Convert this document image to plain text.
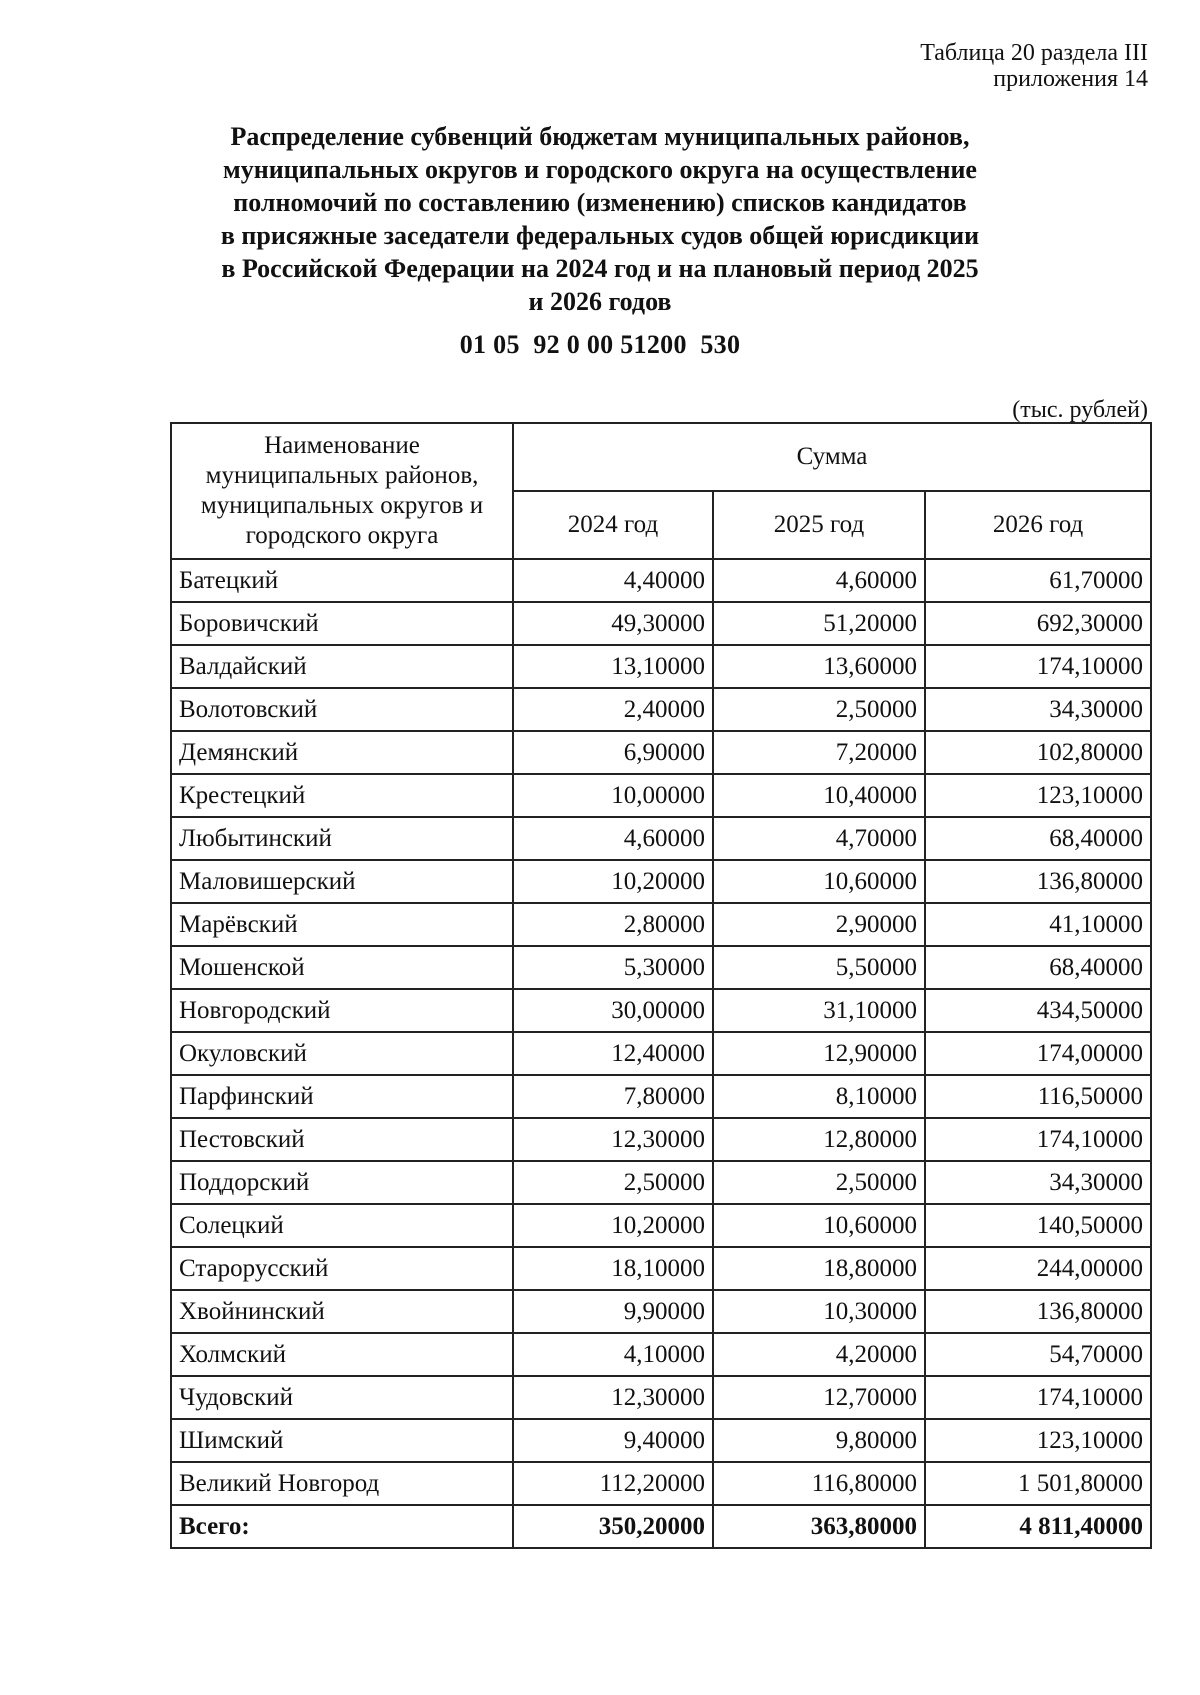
Таблица 20 раздела III
приложения 14
Распределение субвенций бюджетам муниципальных районов,
муниципальных округов и городского округа на осуществление
полномочий по составлению (изменению) списков кандидатов
в присяжные заседатели федеральных судов общей юрисдикции
в Российской Федерации на 2024 год и на плановый период 2025
и 2026 годов
01 05  92 0 00 51200  530
(тыс. рублей)
Наименование муниципальных районов, муниципальных округов и городского округа	Сумма		
	2024 год	2025 год	2026 год
Батецкий	4,40000	4,60000	61,70000
Боровичский	49,30000	51,20000	692,30000
Валдайский	13,10000	13,60000	174,10000
Волотовский	2,40000	2,50000	34,30000
Демянский	6,90000	7,20000	102,80000
Крестецкий	10,00000	10,40000	123,10000
Любытинский	4,60000	4,70000	68,40000
Маловишерский	10,20000	10,60000	136,80000
Марёвский	2,80000	2,90000	41,10000
Мошенской	5,30000	5,50000	68,40000
Новгородский	30,00000	31,10000	434,50000
Окуловский	12,40000	12,90000	174,00000
Парфинский	7,80000	8,10000	116,50000
Пестовский	12,30000	12,80000	174,10000
Поддорский	2,50000	2,50000	34,30000
Солецкий	10,20000	10,60000	140,50000
Старорусский	18,10000	18,80000	244,00000
Хвойнинский	9,90000	10,30000	136,80000
Холмский	4,10000	4,20000	54,70000
Чудовский	12,30000	12,70000	174,10000
Шимский	9,40000	9,80000	123,10000
Великий Новгород	112,20000	116,80000	1 501,80000
Всего:	350,20000	363,80000	4 811,40000
